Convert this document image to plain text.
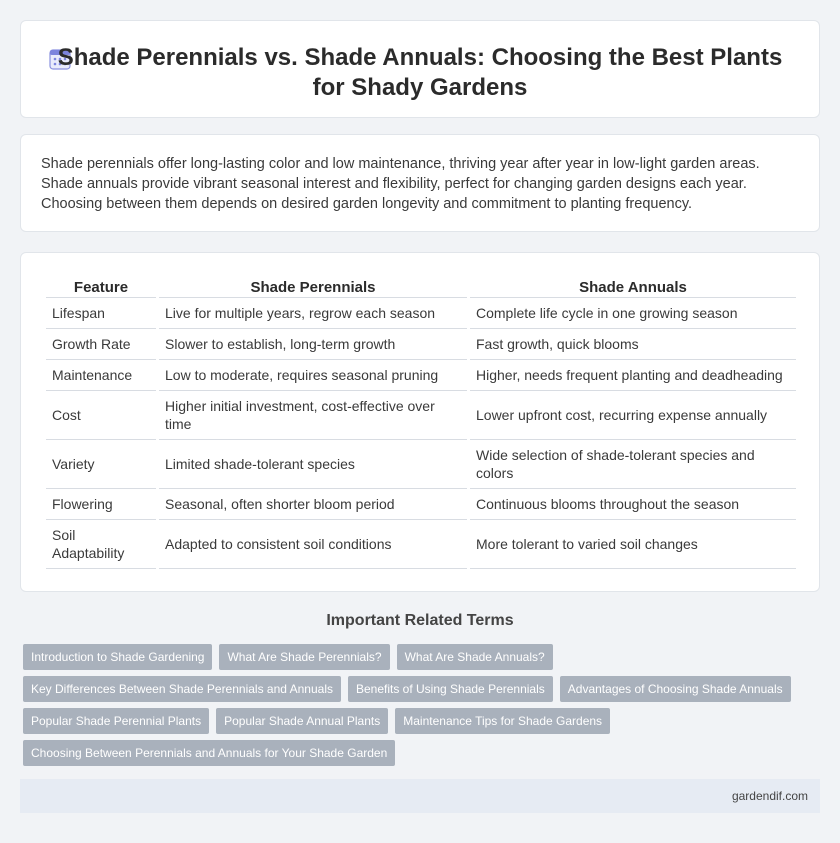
Shade Perennials vs. Shade Annuals: Choosing the Best Plants for Shady Gardens

Shade perennials offer long-lasting color and low maintenance, thriving year after year in low-light garden areas. Shade annuals provide vibrant seasonal interest and flexibility, perfect for changing garden designs each year. Choosing between them depends on desired garden longevity and commitment to planting frequency.

Feature	Shade Perennials	Shade Annuals
Lifespan	Live for multiple years, regrow each season	Complete life cycle in one growing season
Growth Rate	Slower to establish, long-term growth	Fast growth, quick blooms
Maintenance	Low to moderate, requires seasonal pruning	Higher, needs frequent planting and deadheading
Cost	Higher initial investment, cost-effective over time	Lower upfront cost, recurring expense annually
Variety	Limited shade-tolerant species	Wide selection of shade-tolerant species and colors
Flowering	Seasonal, often shorter bloom period	Continuous blooms throughout the season
Soil Adaptability	Adapted to consistent soil conditions	More tolerant to varied soil changes
Important Related Terms
Introduction to Shade Gardening	What Are Shade Perennials?	What Are Shade Annuals?
Key Differences Between Shade Perennials and Annuals	Benefits of Using Shade Perennials	Advantages of Choosing Shade Annuals
Popular Shade Perennial Plants	Popular Shade Annual Plants	Maintenance Tips for Shade Gardens
Choosing Between Perennials and Annuals for Your Shade Garden
gardendif.com
